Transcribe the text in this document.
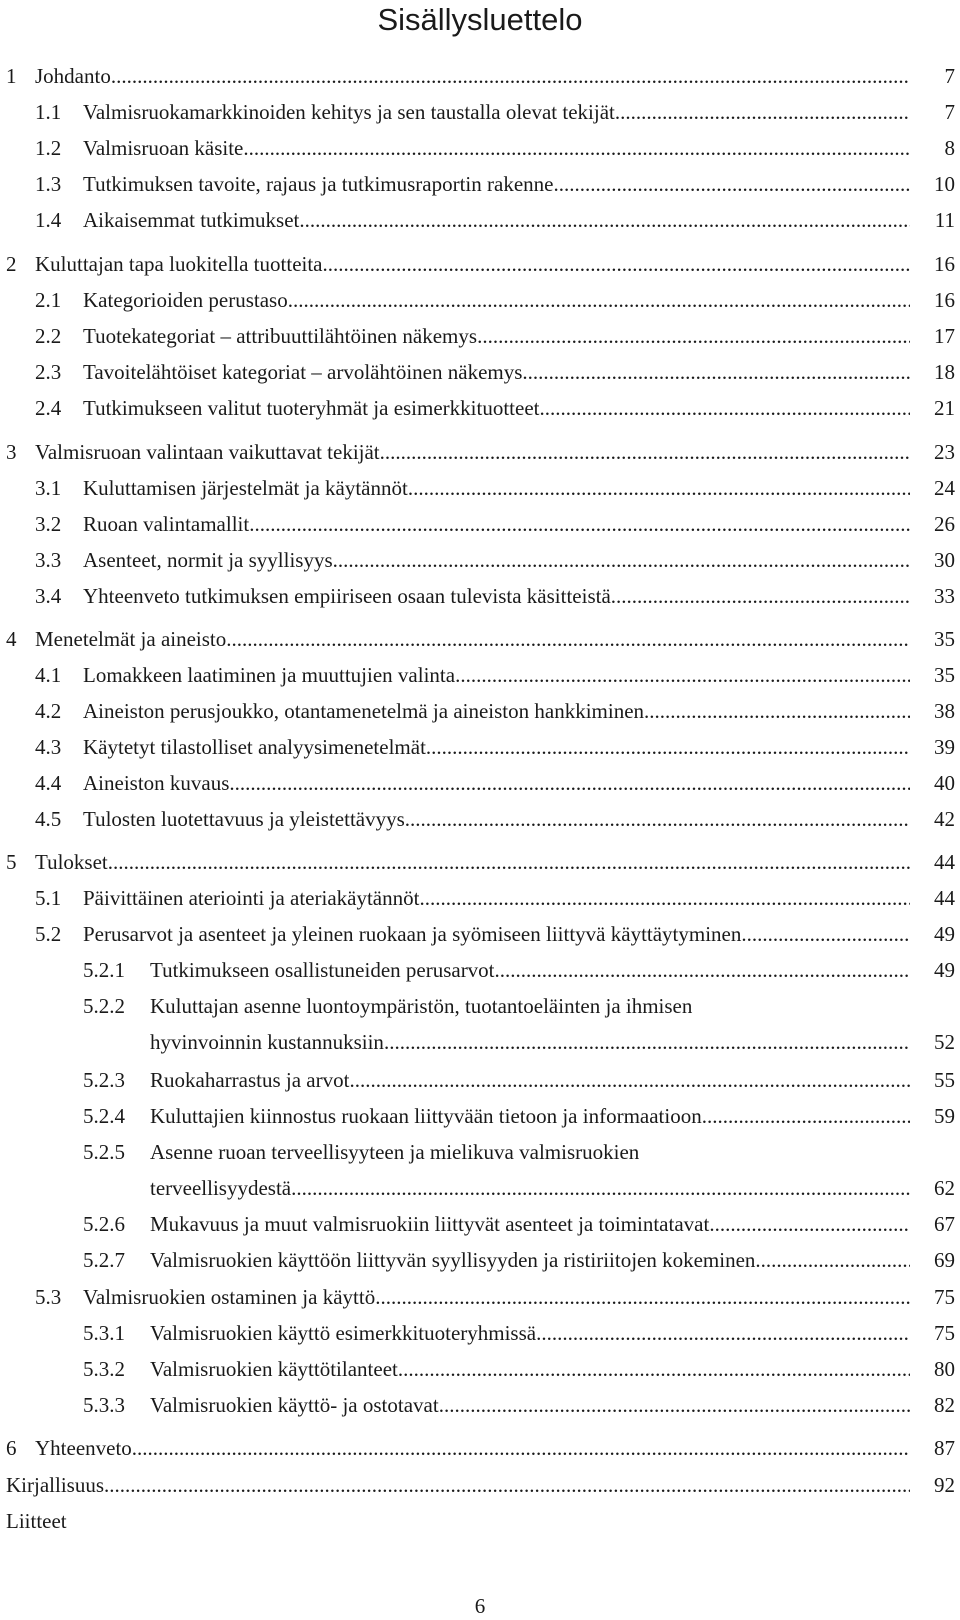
Sisällysluettelo
1 Johdanto .....	7
1.1 Valmisruokamarkkinoiden kehitys ja sen taustalla olevat tekijät .....	7
1.2 Valmisruoan käsite .....	8
1.3 Tutkimuksen tavoite, rajaus ja tutkimusraportin rakenne .....	10
1.4 Aikaisemmat tutkimukset .....	11
2 Kuluttajan tapa luokitella tuotteita .....	16
2.1 Kategorioiden perustaso .....	16
2.2 Tuotekategoriat – attribuuttilähtöinen näkemys .....	17
2.3 Tavoitelähtöiset kategoriat – arvolähtöinen näkemys .....	18
2.4 Tutkimukseen valitut tuoteryhmät ja esimerkkituotteet .....	21
3 Valmisruoan valintaan vaikuttavat tekijät .....	23
3.1 Kuluttamisen järjestelmät ja käytännöt .....	24
3.2 Ruoan valintamallit .....	26
3.3 Asenteet, normit ja syyllisyys .....	30
3.4 Yhteenveto tutkimuksen empiiriseen osaan tulevista käsitteistä .....	33
4 Menetelmät ja aineisto .....	35
4.1 Lomakkeen laatiminen ja muuttujien valinta .....	35
4.2 Aineiston perusjoukko, otantamenetelmä ja aineiston hankkiminen .....	38
4.3 Käytetyt tilastolliset analyysimenetelmät .....	39
4.4 Aineiston kuvaus .....	40
4.5 Tulosten luotettavuus ja yleistettävyys .....	42
5 Tulokset .....	44
5.1 Päivittäinen ateriointi ja ateriakäytännöt .....	44
5.2 Perusarvot ja asenteet ja yleinen ruokaan ja syömiseen liittyvä käyttäytyminen .....	49
5.2.1 Tutkimukseen osallistuneiden perusarvot .....	49
5.2.2 Kuluttajan asenne luontoympäristön, tuotantoeläinten ja ihmisen
hyvinvoinnin kustannuksiin .....	52
5.2.3 Ruokaharrastus ja arvot .....	55
5.2.4 Kuluttajien kiinnostus ruokaan liittyvään tietoon ja informaatioon .....	59
5.2.5 Asenne ruoan terveellisyyteen ja mielikuva valmisruokien
terveellisyydestä .....	62
5.2.6 Mukavuus ja muut valmisruokiin liittyvät asenteet ja toimintatavat .....	67
5.2.7 Valmisruokien käyttöön liittyvän syyllisyyden ja ristiriitojen kokeminen .....	69
5.3 Valmisruokien ostaminen ja käyttö .....	75
5.3.1 Valmisruokien käyttö esimerkkituoteryhmissä .....	75
5.3.2 Valmisruokien käyttötilanteet .....	80
5.3.3 Valmisruokien käyttö- ja ostotavat .....	82
6 Yhteenveto .....	87
Kirjallisuus .....	92
Liitteet
6
